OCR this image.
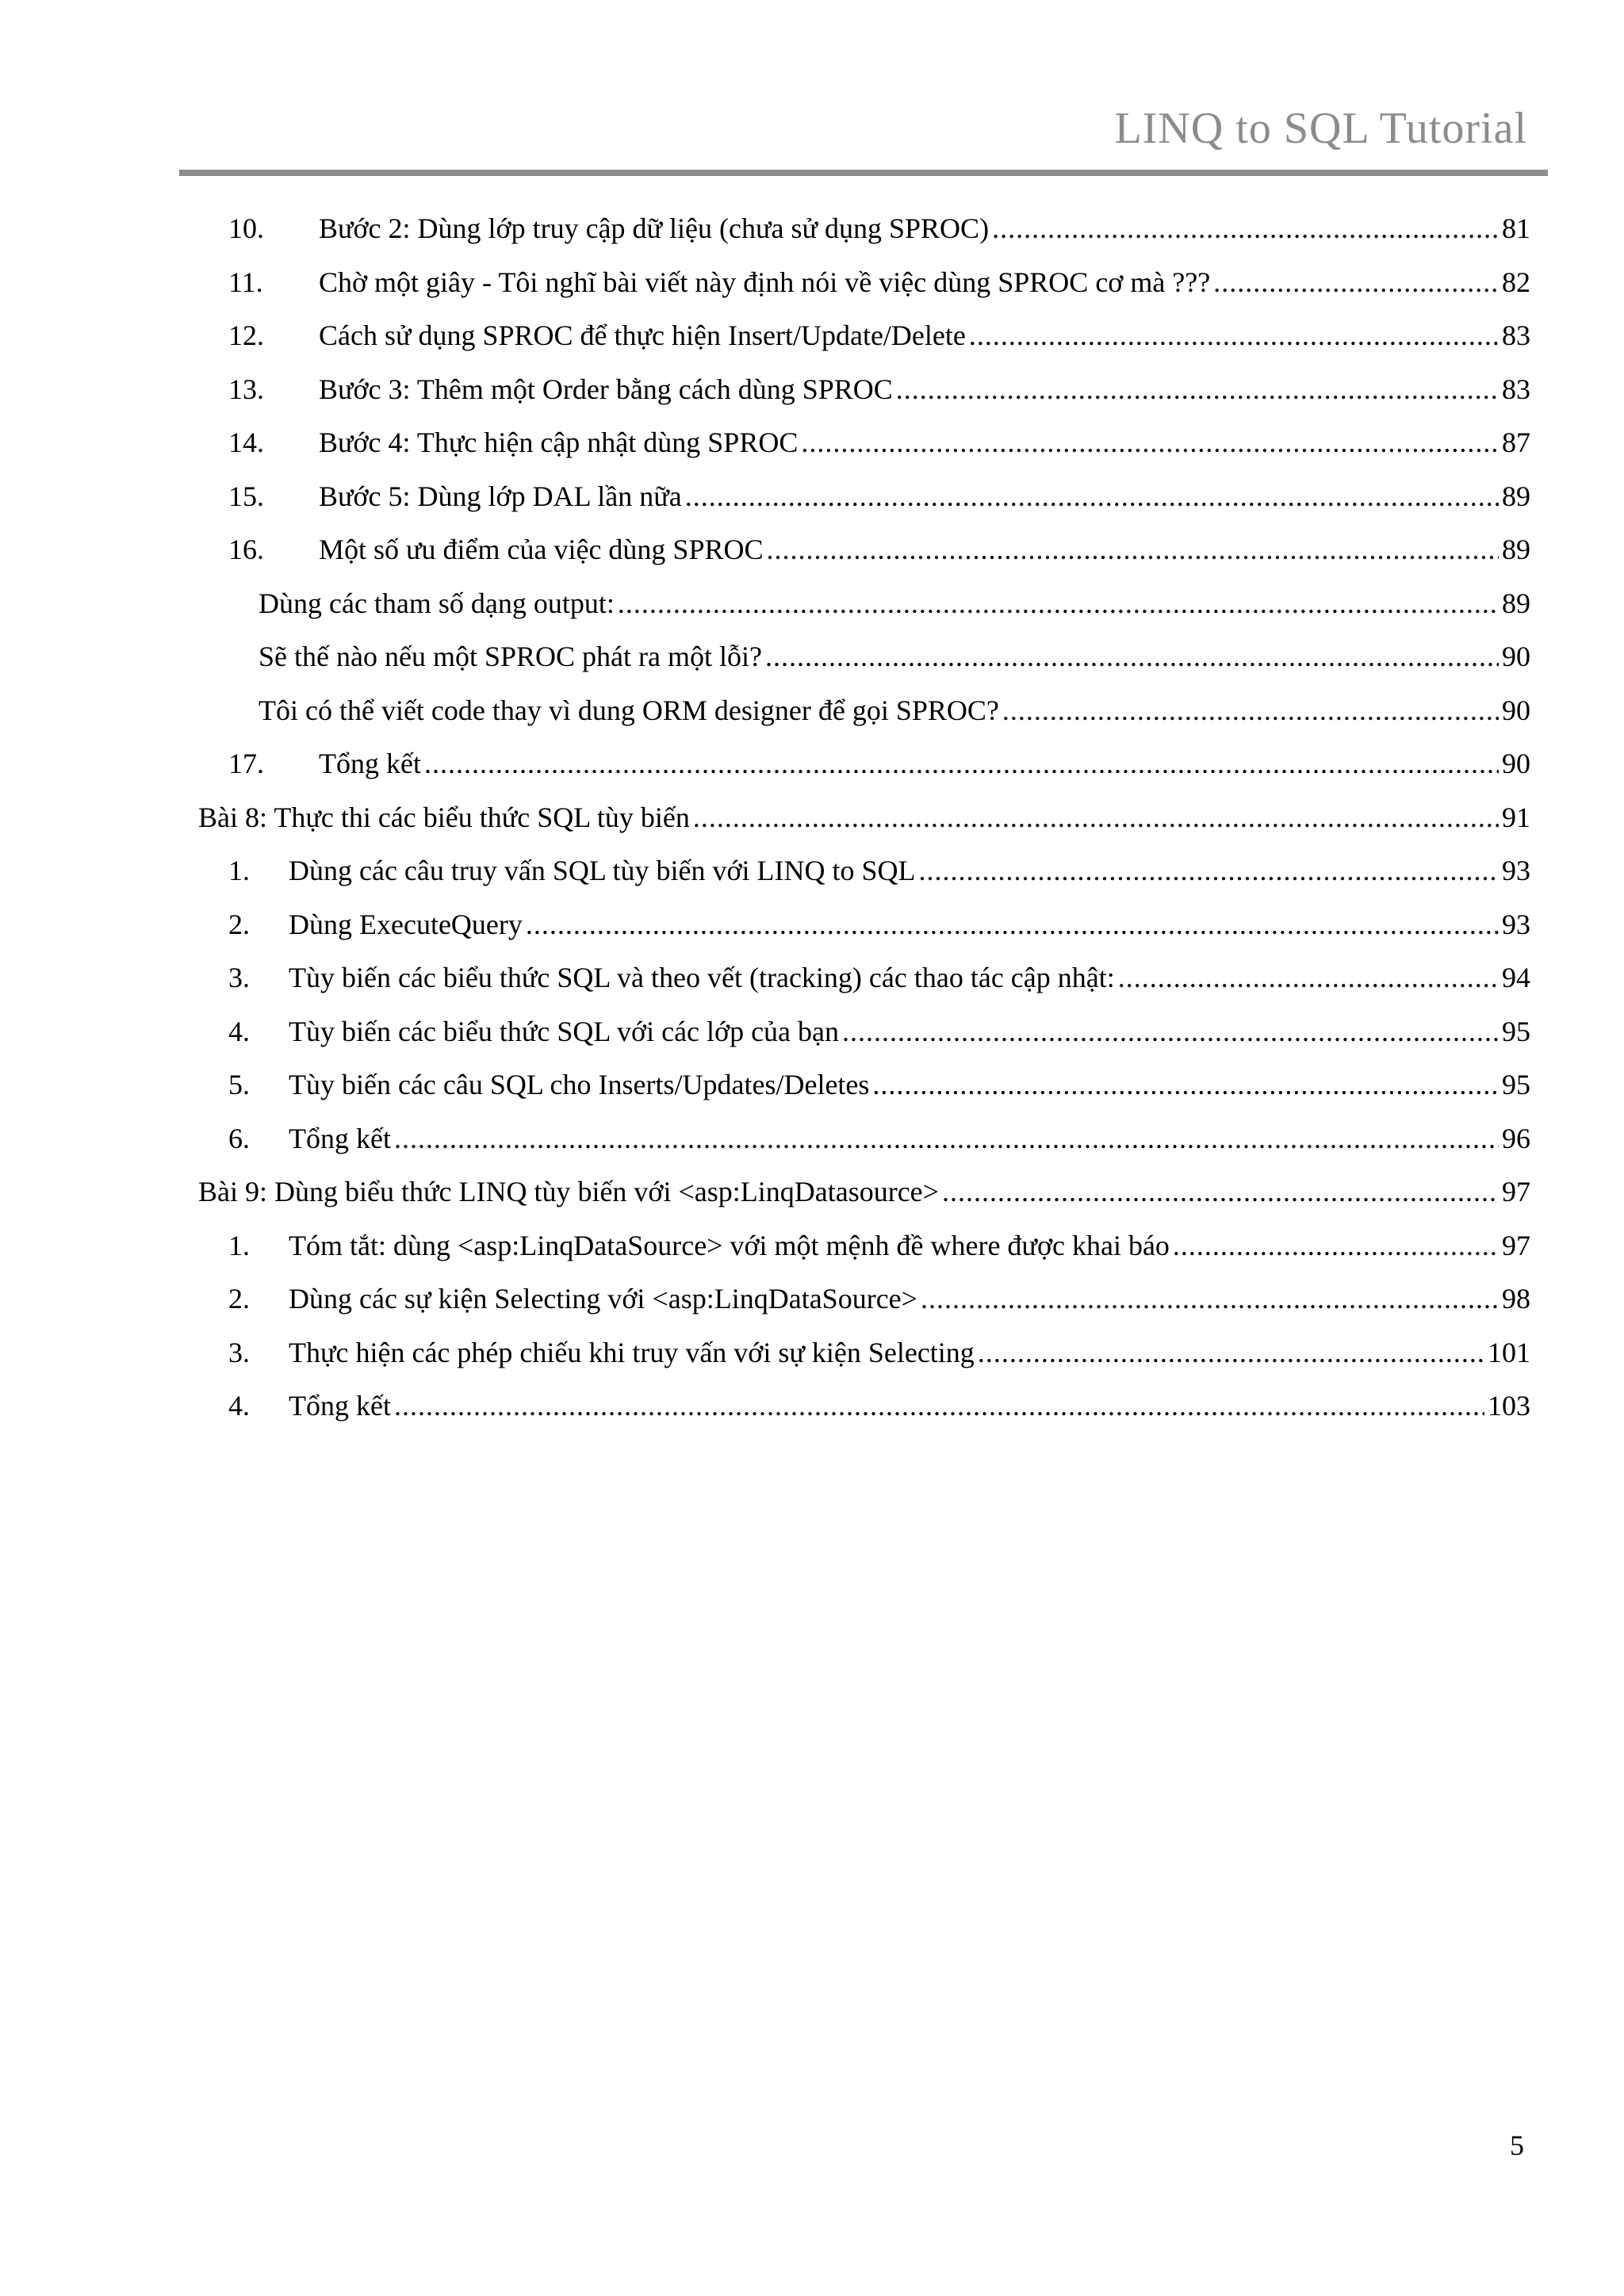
LINQ to SQL Tutorial
10. Bước 2: Dùng lớp truy cập dữ liệu (chưa sử dụng SPROC) .....	81
11. Chờ một giây - Tôi nghĩ bài viết này định nói về việc dùng SPROC cơ mà ??? .....	82
12. Cách sử dụng SPROC để thực hiện Insert/Update/Delete .....	83
13. Bước 3: Thêm một Order bằng cách dùng SPROC .....	83
14. Bước 4: Thực hiện cập nhật dùng SPROC .....	87
15. Bước 5: Dùng lớp DAL lần nữa .....	89
16. Một số ưu điểm của việc dùng SPROC .....	89
Dùng các tham số dạng output: .....	89
Sẽ thế nào nếu một SPROC phát ra một lỗi? .....	90
Tôi có thể viết code thay vì dung ORM designer để gọi SPROC? .....	90
17. Tổng kết .....	90
Bài 8: Thực thi các biểu thức SQL tùy biến .....	91
1. Dùng các câu truy vấn SQL tùy biến với LINQ to SQL .....	93
2. Dùng ExecuteQuery .....	93
3. Tùy biến các biểu thức SQL và theo vết (tracking) các thao tác cập nhật: .....	94
4. Tùy biến các biểu thức SQL với các lớp của bạn .....	95
5. Tùy biến các câu SQL cho Inserts/Updates/Deletes .....	95
6. Tổng kết .....	96
Bài 9: Dùng biểu thức LINQ tùy biến với <asp:LinqDatasource> .....	97
1. Tóm tắt: dùng <asp:LinqDataSource> với một mệnh đề where được khai báo .....	97
2. Dùng các sự kiện Selecting với <asp:LinqDataSource> .....	98
3. Thực hiện các phép chiếu khi truy vấn với sự kiện Selecting .....	101
4. Tổng kết .....	103
5
